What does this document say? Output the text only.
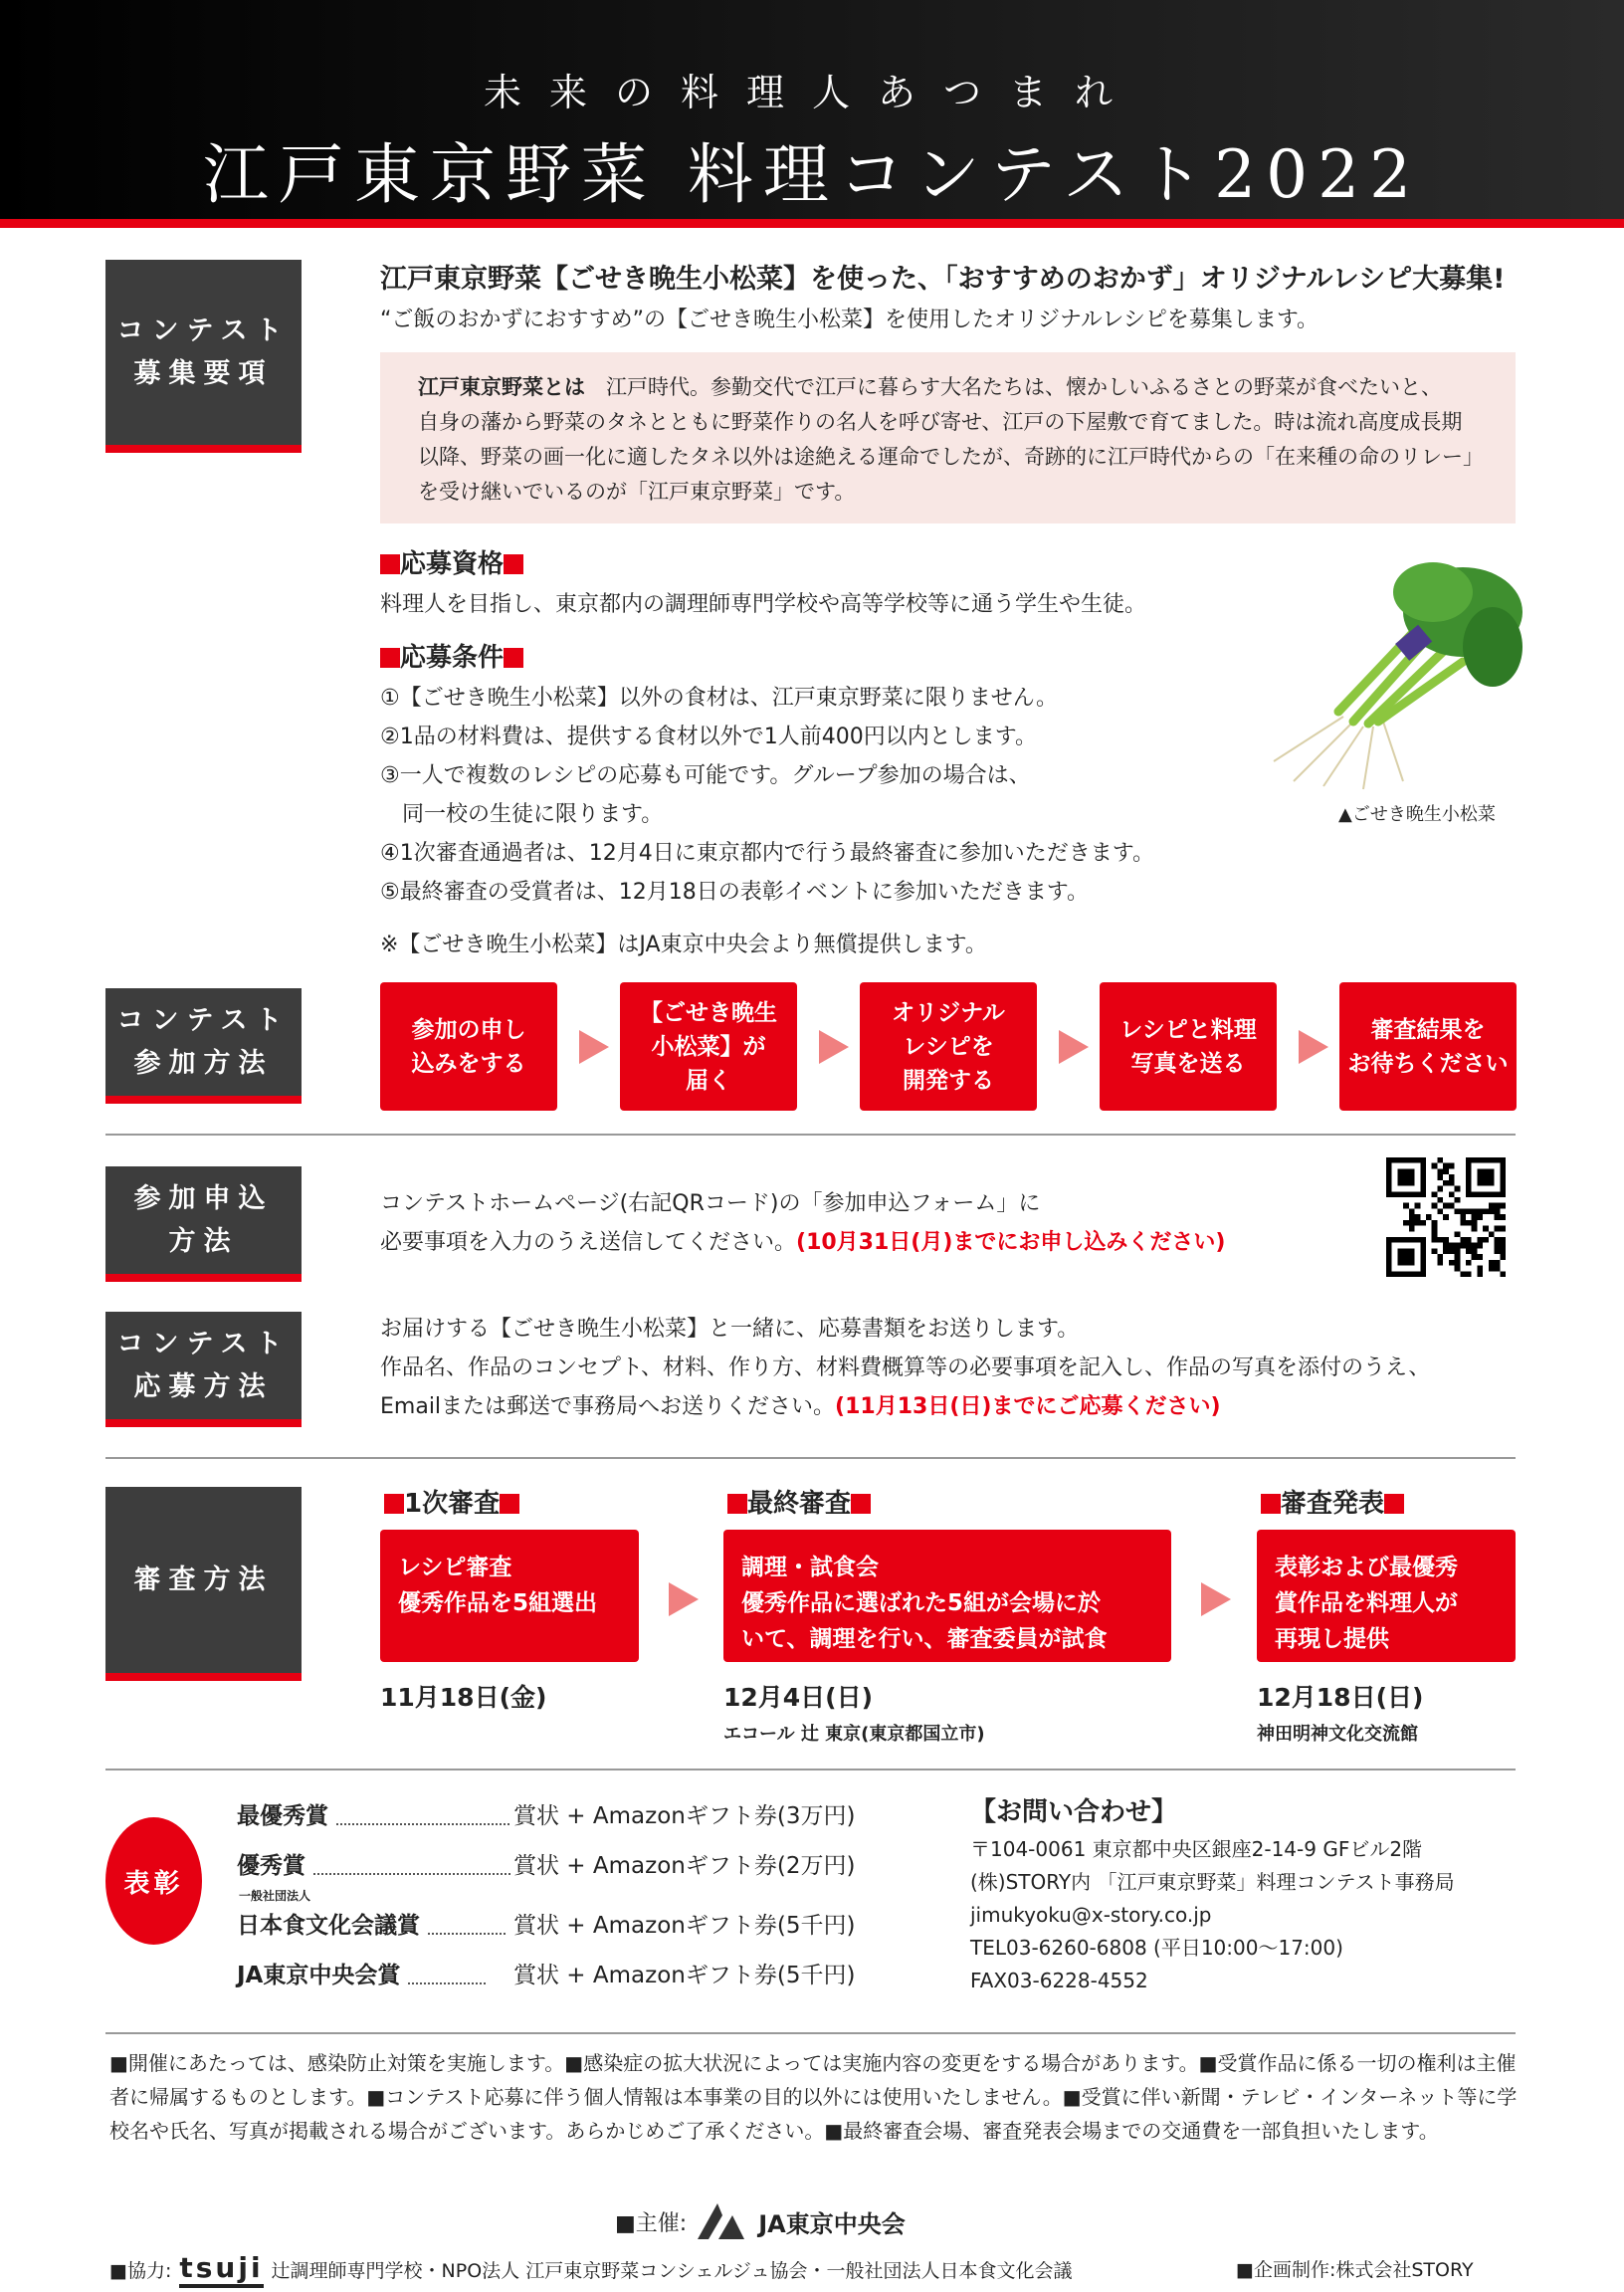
未来の料理人あつまれ
江戸東京野菜 料理コンテスト2022
コンテスト
募集要項
江戸東京野菜【ごせき晩生小松菜】を使った、「おすすめのおかず」オリジナルレシピ大募集!
“ご飯のおかずにおすすめ”の【ごせき晩生小松菜】を使用したオリジナルレシピを募集します。
江戸東京野菜とは　 江戸時代。参勤交代で江戸に暮らす大名たちは、懐かしいふるさとの野菜が食べたいと、
自身の藩から野菜のタネとともに野菜作りの名人を呼び寄せ、江戸の下屋敷で育てました。時は流れ高度成長期
以降、野菜の画一化に適したタネ以外は途絶える運命でしたが、奇跡的に江戸時代からの「在来種の命のリレー」
を受け継いでいるのが「江戸東京野菜」です。
応募資格
料理人を目指し、東京都内の調理師専門学校や高等学校等に通う学生や生徒。
応募条件
①【ごせき晩生小松菜】以外の食材は、江戸東京野菜に限りません。
②1品の材料費は、提供する食材以外で1人前400円以内とします。
③一人で複数のレシピの応募も可能です。グループ参加の場合は、
　同一校の生徒に限ります。
④1次審査通過者は、12月4日に東京都内で行う最終審査に参加いただきます。
⑤最終審査の受賞者は、12月18日の表彰イベントに参加いただきます。
※【ごせき晩生小松菜】はJA東京中央会より無償提供します。
▲ごせき晩生小松菜
コンテスト
参加方法
参加の申し
込みをする
【ごせき晩生
小松菜】が
届く
オリジナル
レシピを
開発する
レシピと料理
写真を送る
審査結果を
お待ちください
参加申込
方法
コンテストホームページ(右記QRコード)の「参加申込フォーム」に
必要事項を入力のうえ送信してください。(10月31日(月)までにお申し込みください)
コンテスト
応募方法
お届けする【ごせき晩生小松菜】と一緒に、応募書類をお送りします。
作品名、作品のコンセプト、材料、作り方、材料費概算等の必要事項を記入し、作品の写真を添付のうえ、
Emailまたは郵送で事務局へお送りください。(11月13日(日)までにご応募ください)
審査方法
1次審査
レシピ審査
優秀作品を5組選出
11月18日(金)
最終審査
調理・試食会
優秀作品に選ばれた5組が会場に於
いて、調理を行い、審査委員が試食
12月4日(日)
エコール 辻 東京(東京都国立市)
審査発表
表彰および最優秀
賞作品を料理人が
再現し提供
12月18日(日)
神田明神文化交流館
表彰
最優秀賞	賞状 + Amazonギフト券(3万円)
優秀賞	賞状 + Amazonギフト券(2万円)
一般社団法人
日本食文化会議賞	賞状 + Amazonギフト券(5千円)
JA東京中央会賞	賞状 + Amazonギフト券(5千円)
【お問い合わせ】
〒104-0061 東京都中央区銀座2-14-9 GFビル2階
(株)STORY内 「江戸東京野菜」料理コンテスト事務局
jimukyoku@x-story.co.jp
TEL03-6260-6808 (平日10:00〜17:00)
FAX03-6228-4552
■開催にあたっては、感染防止対策を実施します。■感染症の拡大状況によっては実施内容の変更をする場合があります。■受賞作品に係る一切の権利は主催者に帰属するものとします。■コンテスト応募に伴う個人情報は本事業の目的以外には使用いたしません。■受賞に伴い新聞・テレビ・インターネット等に学校名や氏名、写真が掲載される場合がございます。あらかじめご了承ください。■最終審査会場、審査発表会場までの交通費を一部負担いたします。
■主催:	JA東京中央会
■協力: tsuji 辻調理師専門学校・NPO法人 江戸東京野菜コンシェルジュ協会・一般社団法人日本食文化会議	■企画制作:株式会社STORY
